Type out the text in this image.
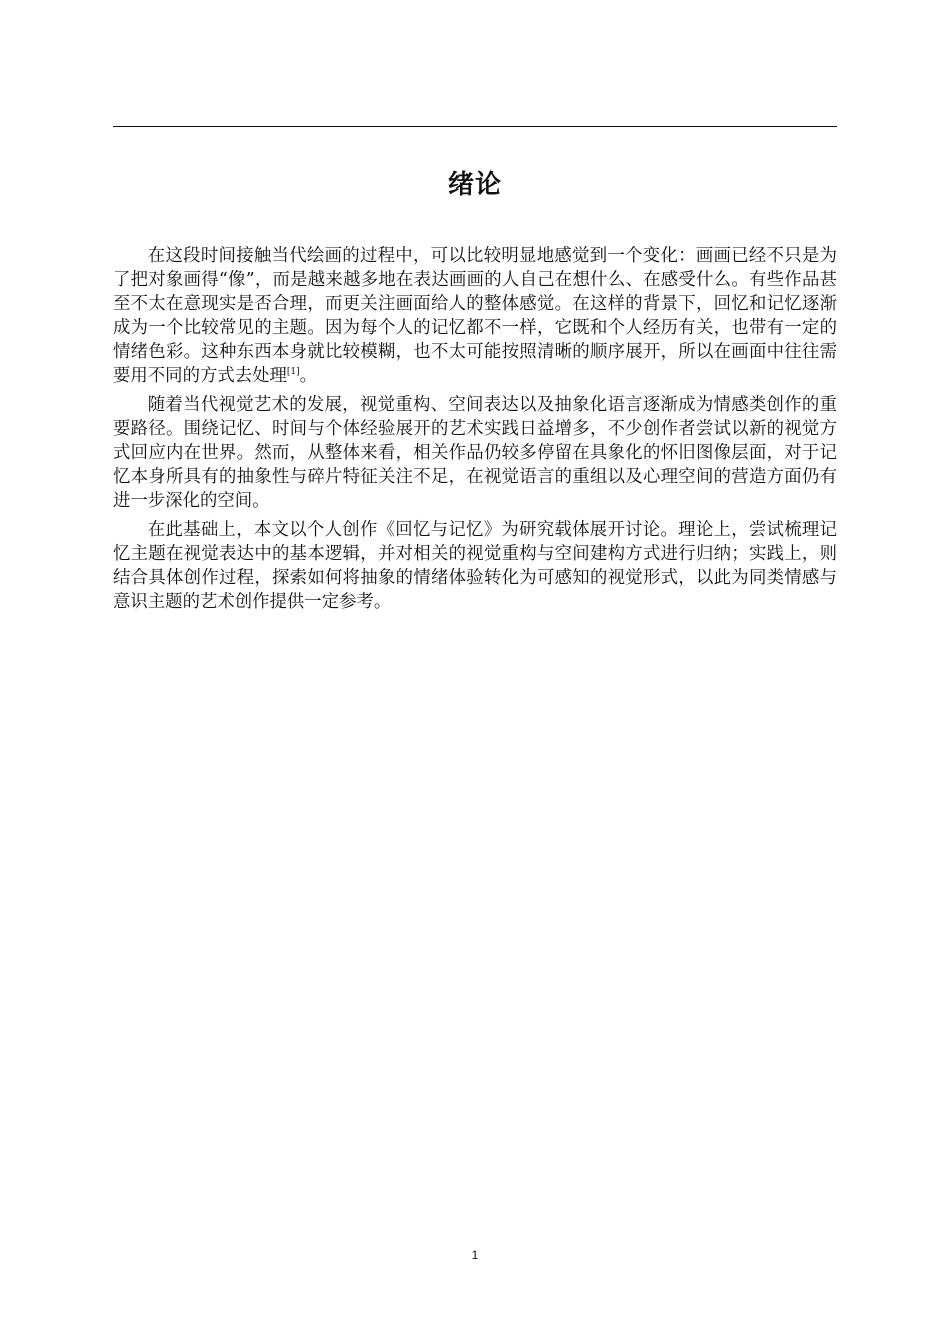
绪论

在这段时间接触当代绘画的过程中，可以比较明显地感觉到一个变化：画画已经不只是为了把对象画得“像”，而是越来越多地在表达画画的人自己在想什么、在感受什么。有些作品甚至不太在意现实是否合理，而更关注画面给人的整体感觉。在这样的背景下，回忆和记忆逐渐成为一个比较常见的主题。因为每个人的记忆都不一样，它既和个人经历有关，也带有一定的情绪色彩。这种东西本身就比较模糊，也不太可能按照清晰的顺序展开，所以在画面中往往需要用不同的方式去处理[1]。

随着当代视觉艺术的发展，视觉重构、空间表达以及抽象化语言逐渐成为情感类创作的重要路径。围绕记忆、时间与个体经验展开的艺术实践日益增多，不少创作者尝试以新的视觉方式回应内在世界。然而，从整体来看，相关作品仍较多停留在具象化的怀旧图像层面，对于记忆本身所具有的抽象性与碎片特征关注不足，在视觉语言的重组以及心理空间的营造方面仍有进一步深化的空间。

在此基础上，本文以个人创作《回忆与记忆》为研究载体展开讨论。理论上，尝试梳理记忆主题在视觉表达中的基本逻辑，并对相关的视觉重构与空间建构方式进行归纳；实践上，则结合具体创作过程，探索如何将抽象的情绪体验转化为可感知的视觉形式，以此为同类情感与意识主题的艺术创作提供一定参考。

1
